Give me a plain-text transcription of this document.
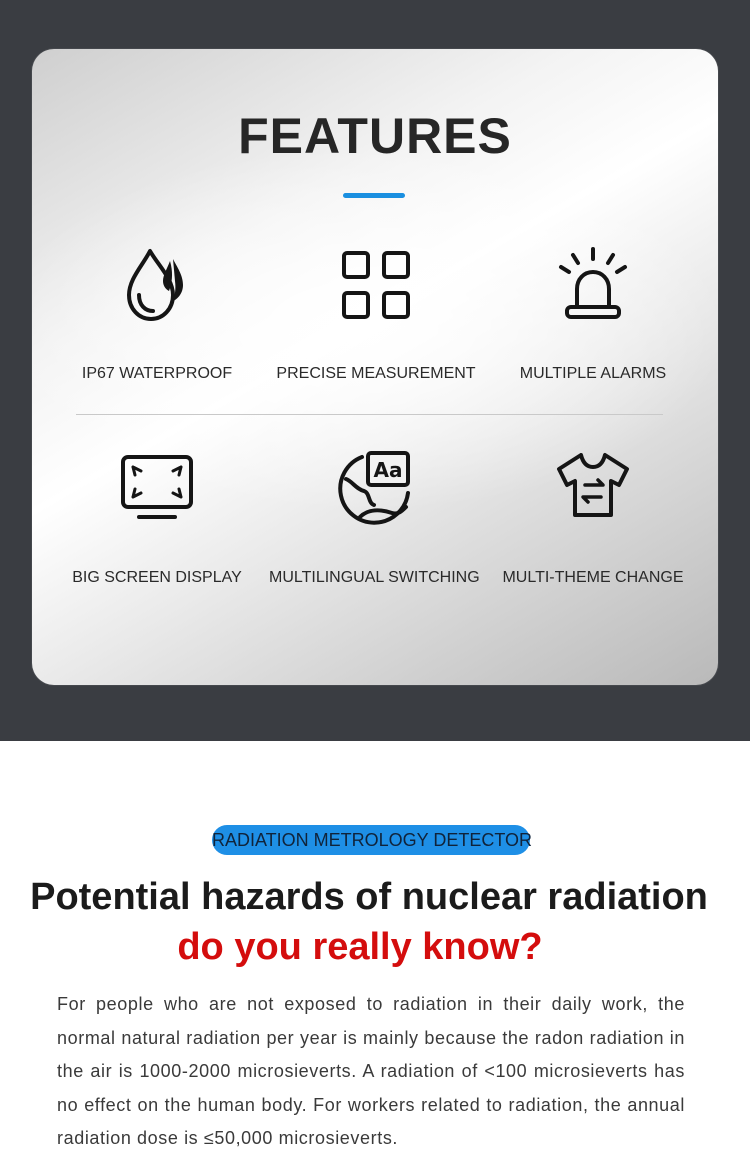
FEATURES
IP67 WATERPROOF	PRECISE MEASUREMENT	MULTIPLE ALARMS
BIG SCREEN DISPLAY
Aa
MULTILINGUAL SWITCHING	MULTI-THEME CHANGE
RADIATION METROLOGY DETECTOR
Potential hazards of nuclear radiation
do you really know?
For people who are not exposed to radiation in their daily work, the normal natural radiation per year is mainly because the radon radiation in the air is 1000-2000 microsieverts. A radiation of <100 microsieverts has no effect on the human body. For workers related to radiation, the annual radiation dose is ≤50,000 microsieverts.
